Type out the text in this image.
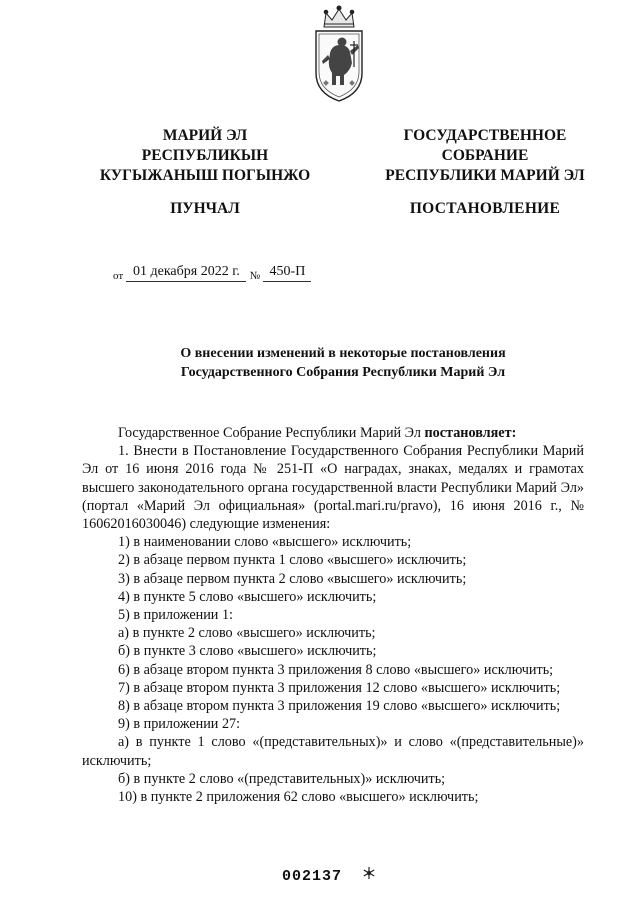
МАРИЙ ЭЛ
РЕСПУБЛИКЫН
КУГЫЖАНЫШ ПОГЫНЖО
ГОСУДАРСТВЕННОЕ
СОБРАНИЕ
РЕСПУБЛИКИ МАРИЙ ЭЛ
ПУНЧАЛ	ПОСТАНОВЛЕНИЕ
$_{от}$ 01 декабря 2022 г. $_№$ 450-П
О внесении изменений в некоторые постановления
Государственного Собрания Республики Марий Эл

Государственное Собрание Республики Марий Эл постановляет:

1. Внести в Постановление Государственного Собрания Республики Марий Эл от 16 июня 2016 года № 251-П «О наградах, знаках, медалях и грамотах высшего законодательного органа государственной власти Республики Марий Эл» (портал «Марий Эл официальная» (portal.mari.ru/pravo), 16 июня 2016 г., № 16062016030046) следующие изменения:

1) в наименовании слово «высшего» исключить;

2) в абзаце первом пункта 1 слово «высшего» исключить;

3) в абзаце первом пункта 2 слово «высшего» исключить;

4) в пункте 5 слово «высшего» исключить;

5) в приложении 1:

а) в пункте 2 слово «высшего» исключить;

б) в пункте 3 слово «высшего» исключить;

6) в абзаце втором пункта 3 приложения 8 слово «высшего» исключить;

7) в абзаце втором пункта 3 приложения 12 слово «высшего» исключить;

8) в абзаце втором пункта 3 приложения 19 слово «высшего» исключить;

9) в приложении 27:

а) в пункте 1 слово «(представительных)» и слово «(представительные)» исключить;

б) в пункте 2 слово «(представительных)» исключить;

10) в пункте 2 приложения 62 слово «высшего» исключить;

002137
